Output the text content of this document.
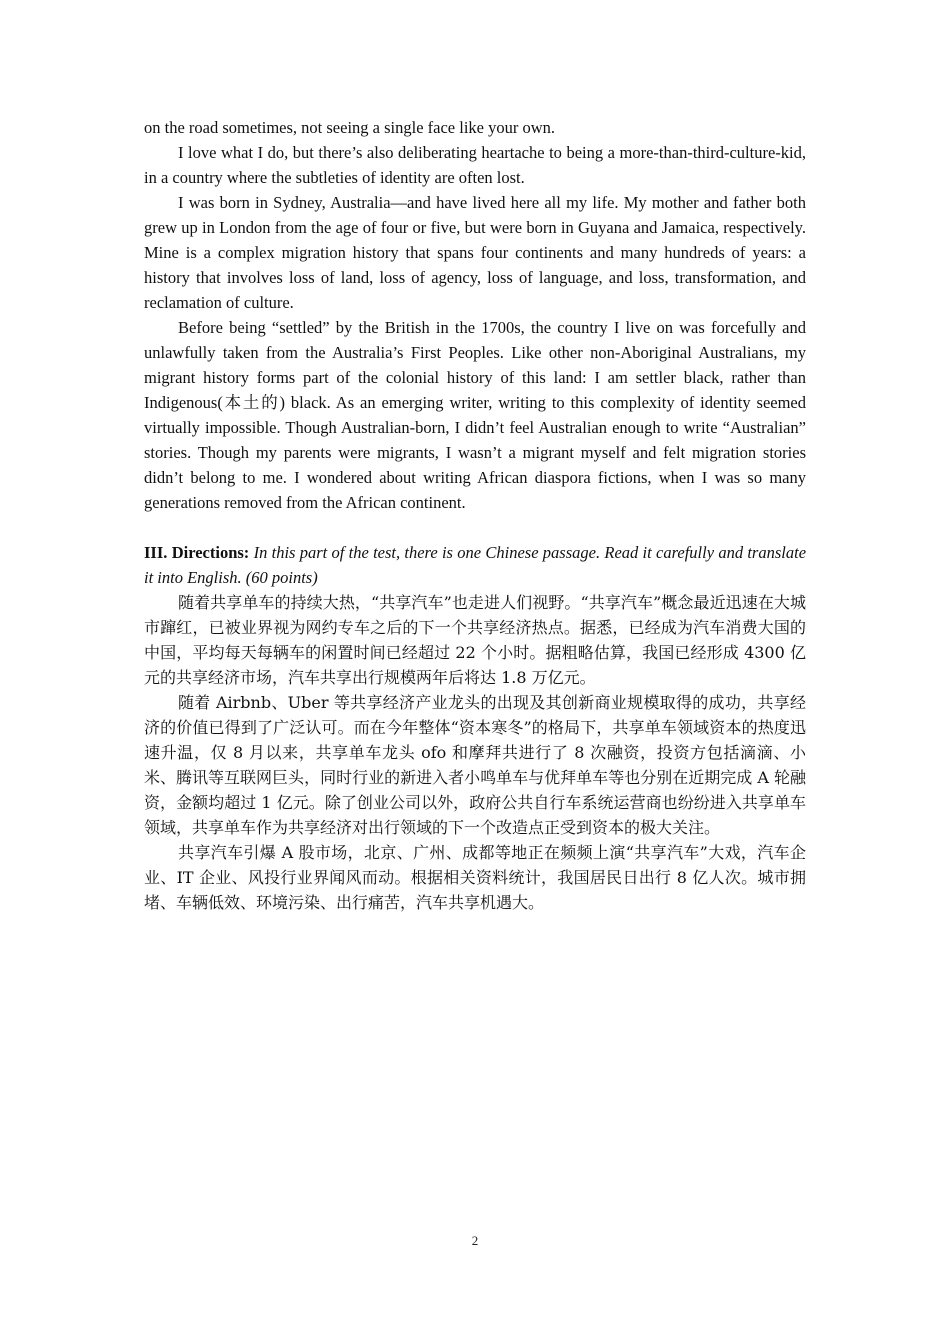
on the road sometimes, not seeing a single face like your own.

I love what I do, but there’s also deliberating heartache to being a more-than-third-culture-kid, in a country where the subtleties of identity are often lost.

I was born in Sydney, Australia—and have lived here all my life. My mother and father both grew up in London from the age of four or five, but were born in Guyana and Jamaica, respectively. Mine is a complex migration history that spans four continents and many hundreds of years: a history that involves loss of land, loss of agency, loss of language, and loss, transformation, and reclamation of culture.

Before being “settled” by the British in the 1700s, the country I live on was forcefully and unlawfully taken from the Australia’s First Peoples. Like other non-Aboriginal Australians, my migrant history forms part of the colonial history of this land: I am settler black, rather than Indigenous(本土的) black. As an emerging writer, writing to this complexity of identity seemed virtually impossible. Though Australian-born, I didn’t feel Australian enough to write “Australian” stories. Though my parents were migrants, I wasn’t a migrant myself and felt migration stories didn’t belong to me. I wondered about writing African diaspora fictions, when I was so many generations removed from the African continent.

III. Directions: In this part of the test, there is one Chinese passage. Read it carefully and translate it into English. (60 points)

随着共享单车的持续大热，“共享汽车”也走进人们视野。“共享汽车”概念最近迅速在大城市蹿红，已被业界视为网约专车之后的下一个共享经济热点。据悉，已经成为汽车消费大国的中国，平均每天每辆车的闲置时间已经超过 22 个小时。据粗略估算，我国已经形成 4300 亿元的共享经济市场，汽车共享出行规模两年后将达 1.8 万亿元。

随着 Airbnb、Uber 等共享经济产业龙头的出现及其创新商业规模取得的成功，共享经济的价值已得到了广泛认可。而在今年整体“资本寒冬”的格局下，共享单车领域资本的热度迅速升温，仅 8 月以来，共享单车龙头 ofo 和摩拜共进行了 8 次融资，投资方包括滴滴、小米、腾讯等互联网巨头，同时行业的新进入者小鸣单车与优拜单车等也分别在近期完成 A 轮融资，金额均超过 1 亿元。除了创业公司以外，政府公共自行车系统运营商也纷纷进入共享单车领域，共享单车作为共享经济对出行领域的下一个改造点正受到资本的极大关注。

共享汽车引爆 A 股市场，北京、广州、成都等地正在频频上演“共享汽车”大戏，汽车企业、IT 企业、风投行业界闻风而动。根据相关资料统计，我国居民日出行 8 亿人次。城市拥堵、车辆低效、环境污染、出行痛苦，汽车共享机遇大。

2
